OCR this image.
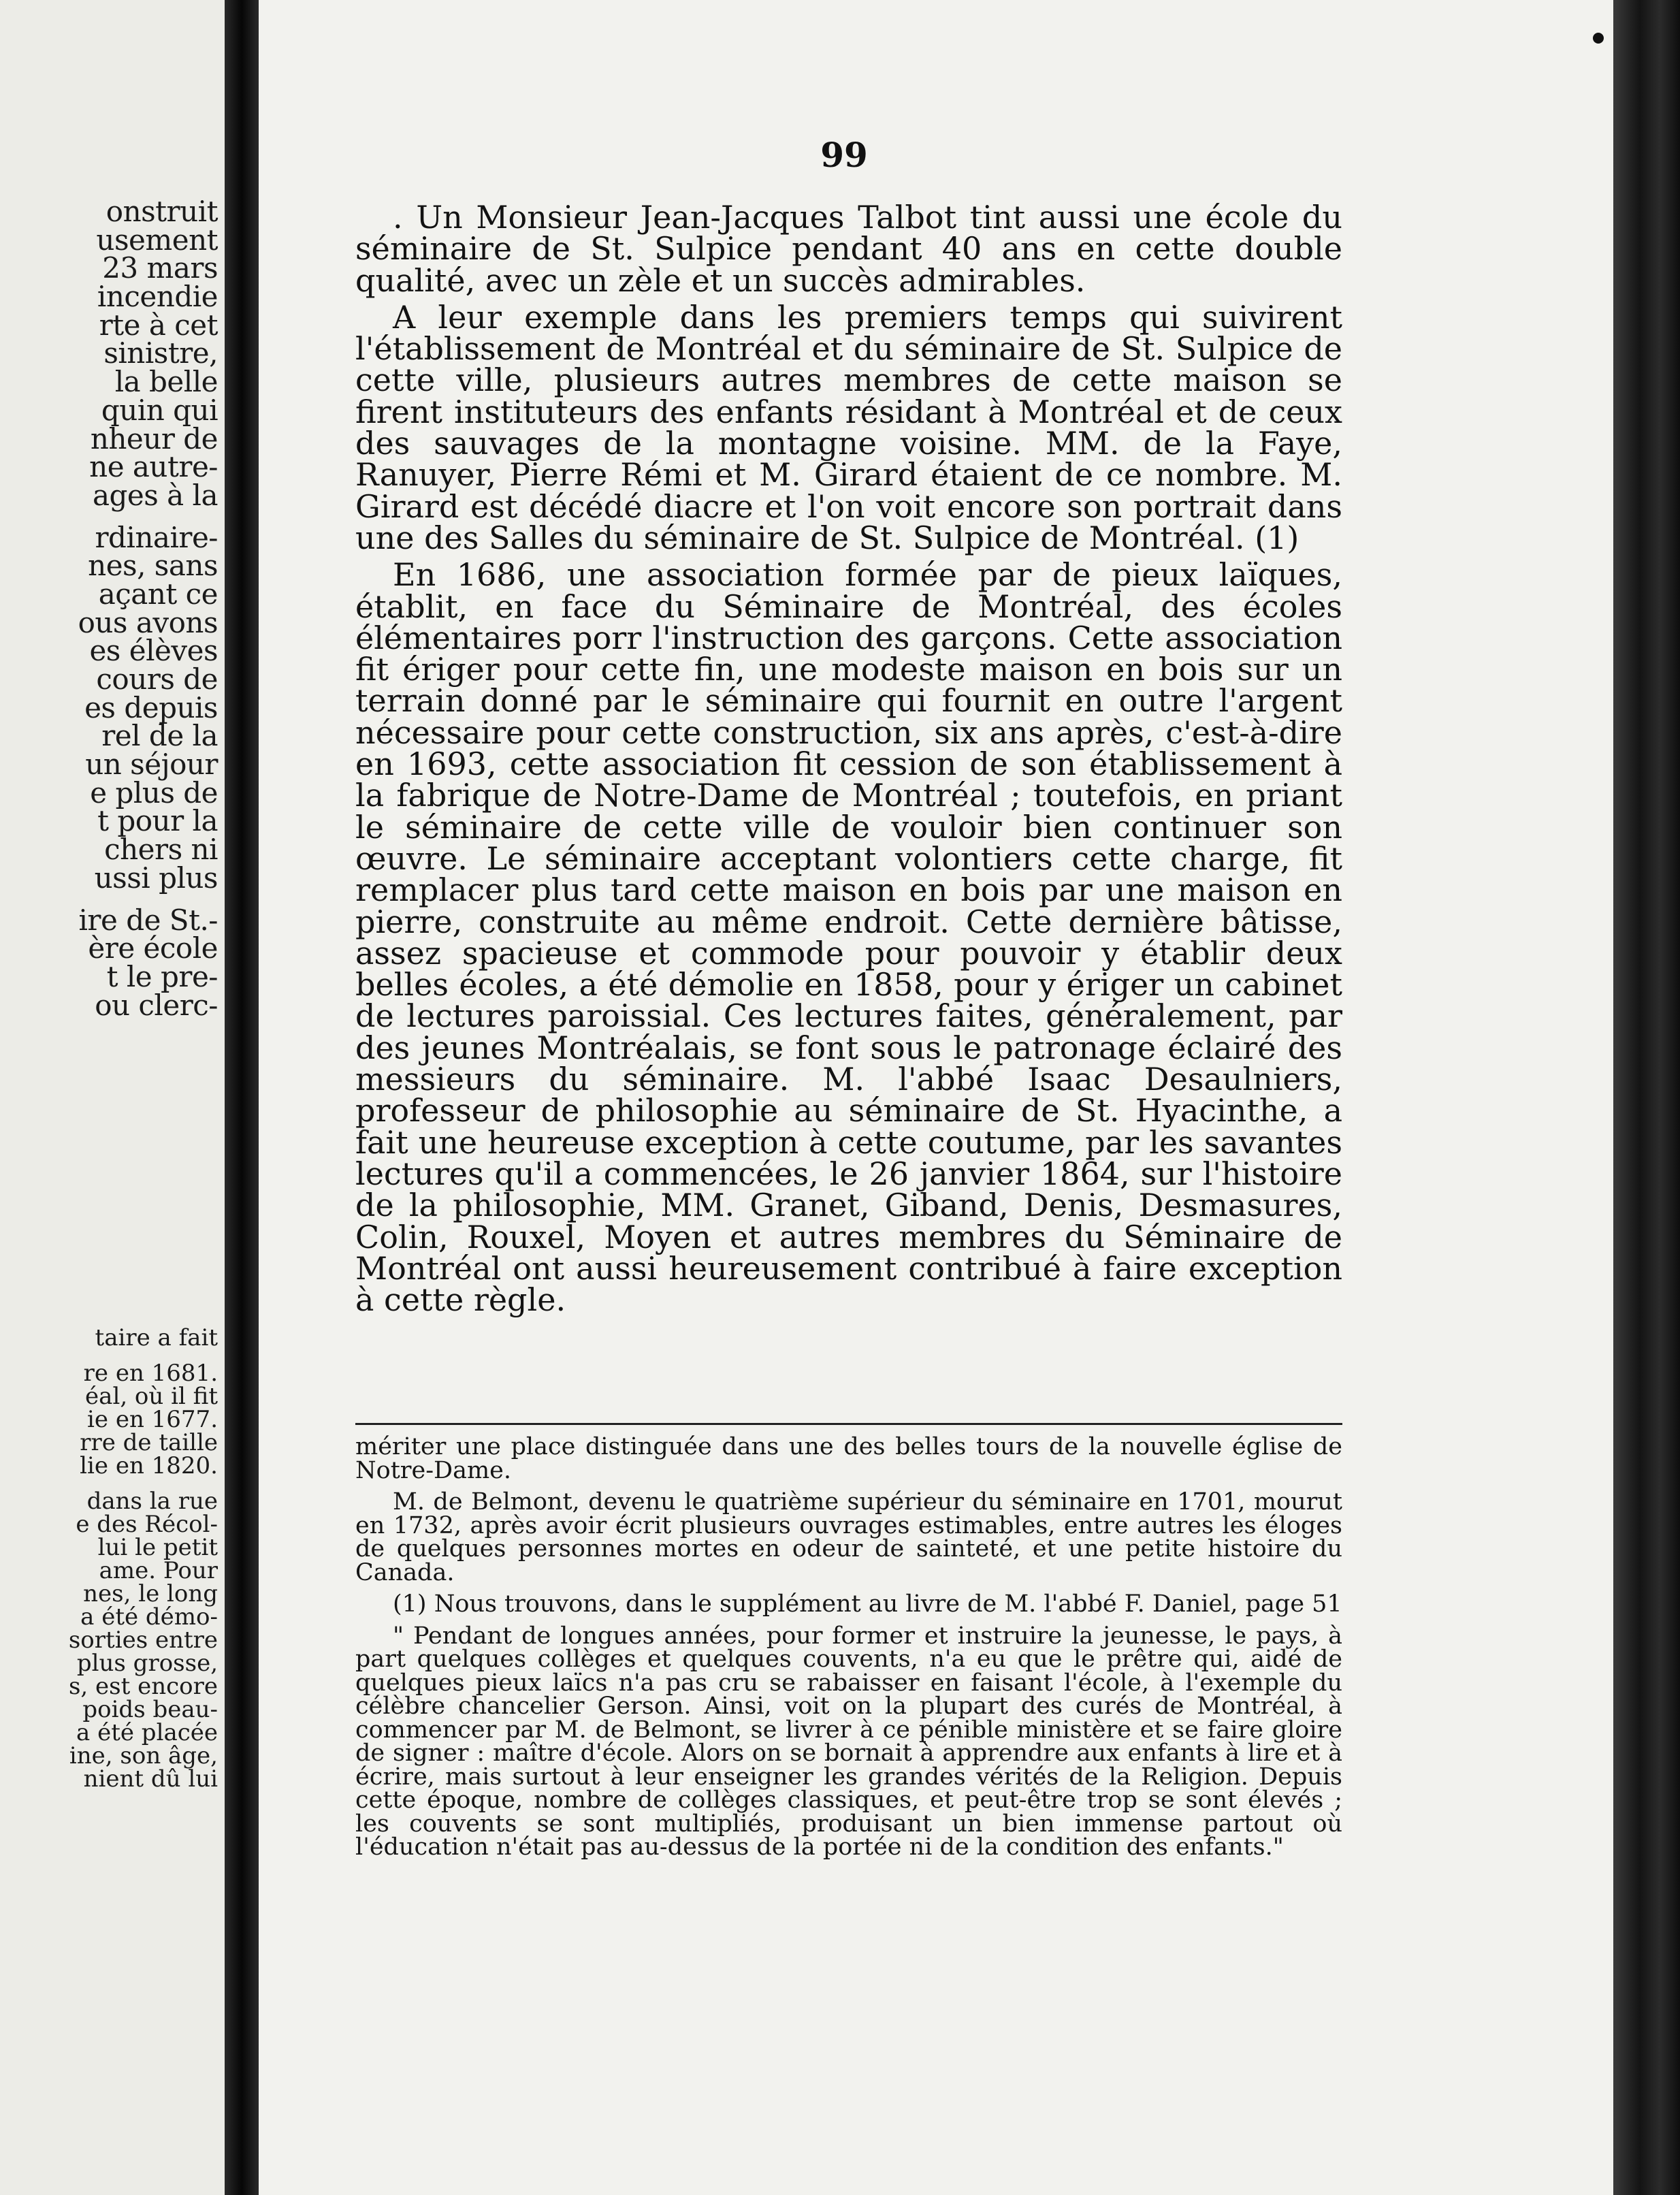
onstruit
usement
23 mars
incendie
rte à cet
sinistre,
la belle
quin qui
nheur de
ne autre-
ages à la
rdinaire-
nes, sans
açant ce
ous avons
es élèves
cours de
es depuis
rel de la
un séjour
e plus de
t pour la
chers ni
ussi plus
ire de St.-
ère école
t le pre-
ou clerc-
taire a fait
re en 1681.
éal, où il fit
ie en 1677.
rre de taille
lie en 1820.
dans la rue
e des Récol-
lui le petit
ame. Pour
nes, le long
a été démo-
sorties entre
plus grosse,
s, est encore
poids beau-
a été placée
ine, son âge,
nient dû lui
99

. Un Monsieur Jean-Jacques Talbot tint aussi une école du séminaire de St. Sulpice pendant 40 ans en cette double qualité, avec un zèle et un succès admirables.

A leur exemple dans les premiers temps qui suivirent l'établissement de Montréal et du séminaire de St. Sulpice de cette ville, plusieurs autres membres de cette maison se firent instituteurs des enfants résidant à Montréal et de ceux des sauvages de la montagne voisine. MM. de la Faye, Ranuyer, Pierre Rémi et M. Girard étaient de ce nombre. M. Girard est décédé diacre et l'on voit encore son portrait dans une des Salles du séminaire de St. Sulpice de Montréal. (1)

En 1686, une association formée par de pieux laïques, établit, en face du Séminaire de Montréal, des écoles élémentaires porr l'instruction des garçons. Cette association fit ériger pour cette fin, une modeste maison en bois sur un terrain donné par le séminaire qui fournit en outre l'argent nécessaire pour cette construction, six ans après, c'est-à-dire en 1693, cette association fit cession de son établissement à la fabrique de Notre-Dame de Montréal ; toutefois, en priant le séminaire de cette ville de vouloir bien continuer son œuvre. Le séminaire acceptant volontiers cette charge, fit remplacer plus tard cette maison en bois par une maison en pierre, construite au même endroit. Cette dernière bâtisse, assez spacieuse et commode pour pouvoir y établir deux belles écoles, a été démolie en 1858, pour y ériger un cabinet de lectures paroissial. Ces lectures faites, généralement, par des jeunes Montréalais, se font sous le patronage éclairé des messieurs du séminaire. M. l'abbé Isaac Desaulniers, professeur de philosophie au séminaire de St. Hyacinthe, a fait une heureuse exception à cette coutume, par les savantes lectures qu'il a commencées, le 26 janvier 1864, sur l'histoire de la philosophie, MM. Granet, Giband, Denis, Desmasures, Colin, Rouxel, Moyen et autres membres du Séminaire de Montréal ont aussi heureusement contribué à faire exception à cette règle.

mériter une place distinguée dans une des belles tours de la nouvelle église de Notre-Dame.

M. de Belmont, devenu le quatrième supérieur du séminaire en 1701, mourut en 1732, après avoir écrit plusieurs ouvrages estimables, entre autres les éloges de quelques personnes mortes en odeur de sainteté, et une petite histoire du Canada.

(1) Nous trouvons, dans le supplément au livre de M. l'abbé F. Daniel, page 51

" Pendant de longues années, pour former et instruire la jeunesse, le pays, à part quelques collèges et quelques couvents, n'a eu que le prêtre qui, aidé de quelques pieux laïcs n'a pas cru se rabaisser en faisant l'école, à l'exemple du célèbre chancelier Gerson. Ainsi, voit on la plupart des curés de Montréal, à commencer par M. de Belmont, se livrer à ce pénible ministère et se faire gloire de signer : maître d'école. Alors on se bornait à apprendre aux enfants à lire et à écrire, mais surtout à leur enseigner les grandes vérités de la Religion. Depuis cette époque, nombre de collèges classiques, et peut-être trop se sont élevés ; les couvents se sont multipliés, produisant un bien immense partout où l'éducation n'était pas au-dessus de la portée ni de la condition des enfants."
